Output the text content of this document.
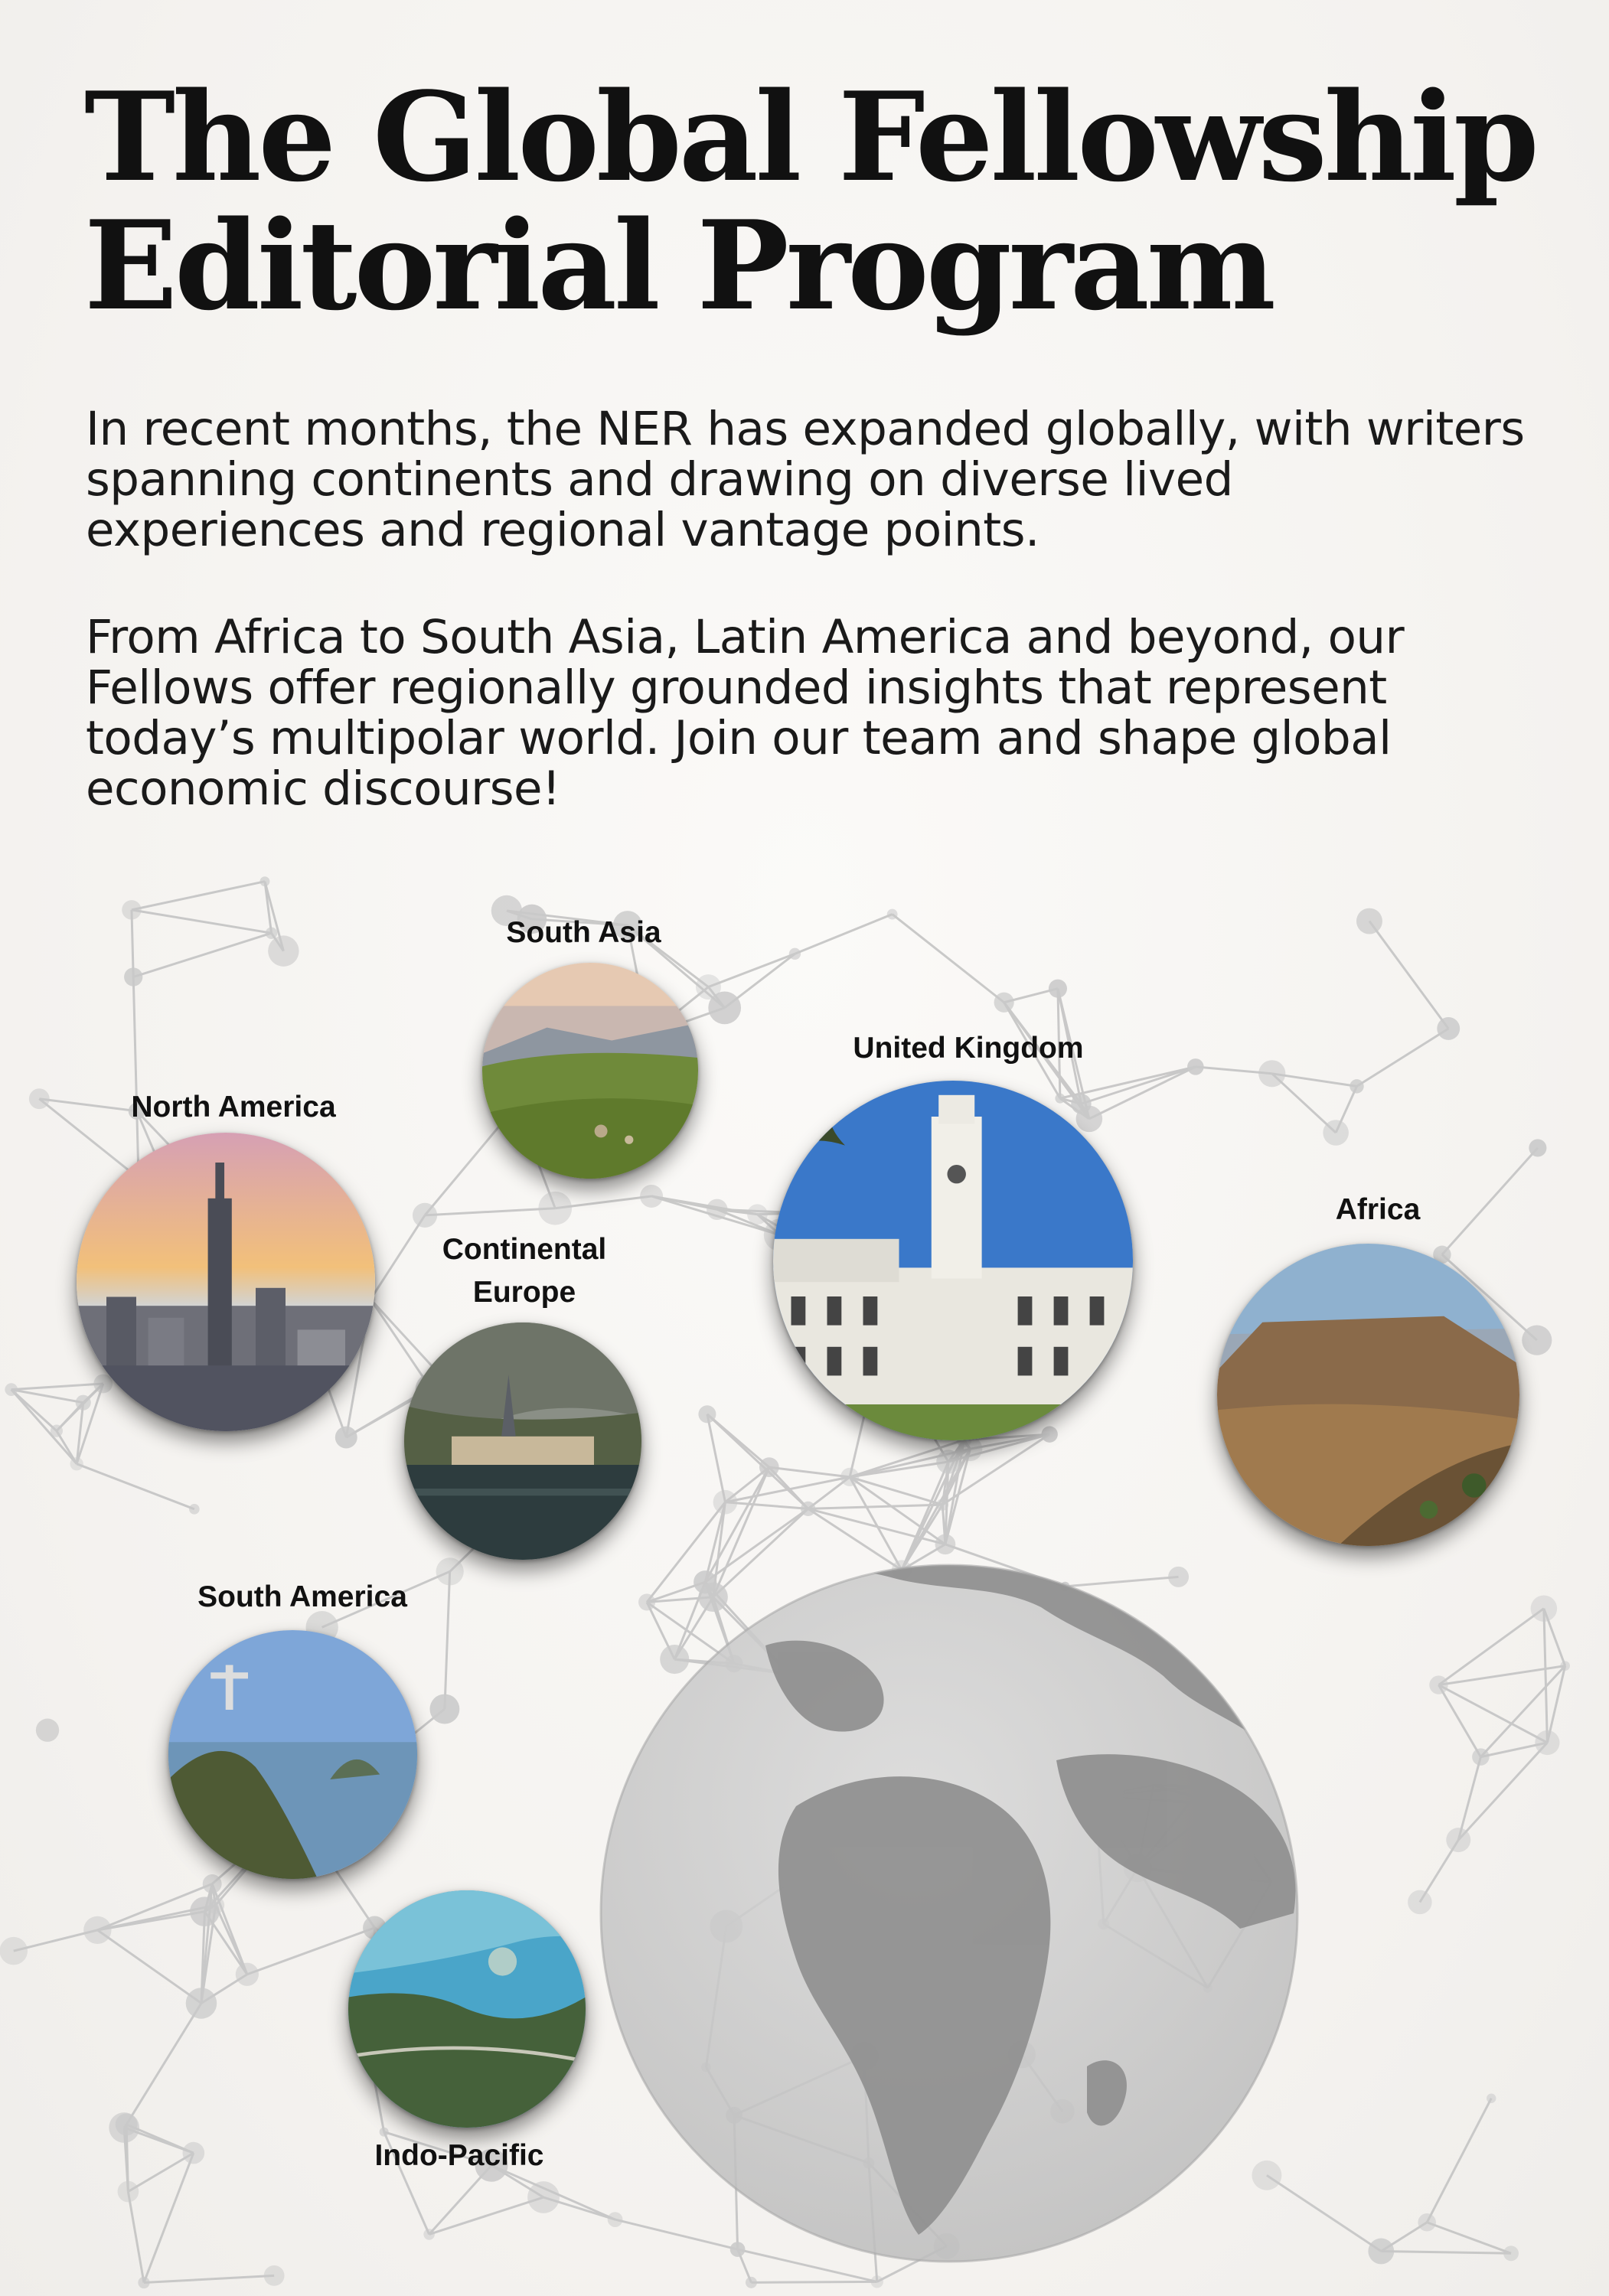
The Global Fellowship Editorial Program

In recent months, the NER has expanded globally, with writers spanning continents and drawing on diverse lived experiences and regional vantage points.

From Africa to South Asia, Latin America and beyond, our Fellows offer regionally grounded insights that represent today’s multipolar world. Join our team and shape global economic discourse!

South Asia
United Kingdom
North America
Continental Europe
Africa
South America
Indo-Pacific
